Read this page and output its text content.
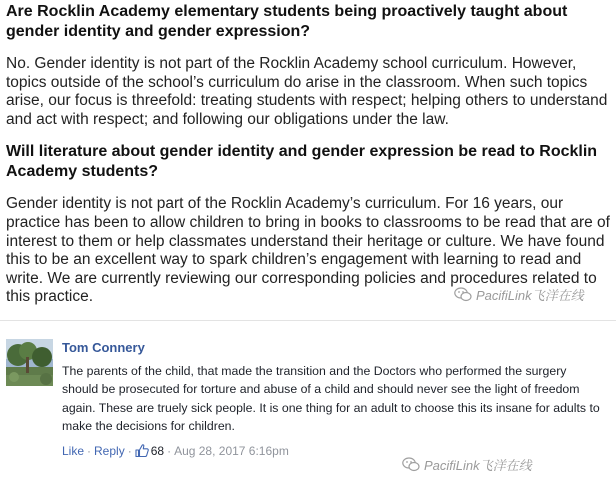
Are Rocklin Academy elementary students being proactively taught about gender identity and gender expression?

No. Gender identity is not part of the Rocklin Academy school curriculum. However, topics outside of the school’s curriculum do arise in the classroom. When such topics arise, our focus is threefold: treating students with respect; helping others to understand and act with respect; and following our obligations under the law.

Will literature about gender identity and gender expression be read to Rocklin Academy students?

Gender identity is not part of the Rocklin Academy’s curriculum. For 16 years, our practice has been to allow children to bring in books to classrooms to be read that are of interest to them or help classmates understand their heritage or culture. We have found this to be an excellent way to spark children’s engagement with learning to read and write. We are currently reviewing our corresponding policies and procedures related to this practice.	PacifiLink飞洋在线
Tom Connery
The parents of the child, that made the transition and the Doctors who performed the surgery should be prosecuted for torture and abuse of a child and should never see the light of freedom again. These are truely sick people. It is one thing for an adult to choose this its insane for adults to make the decisions for children.
Like · Reply · 68 · Aug 28, 2017 6:16pm
PacifiLink飞洋在线
